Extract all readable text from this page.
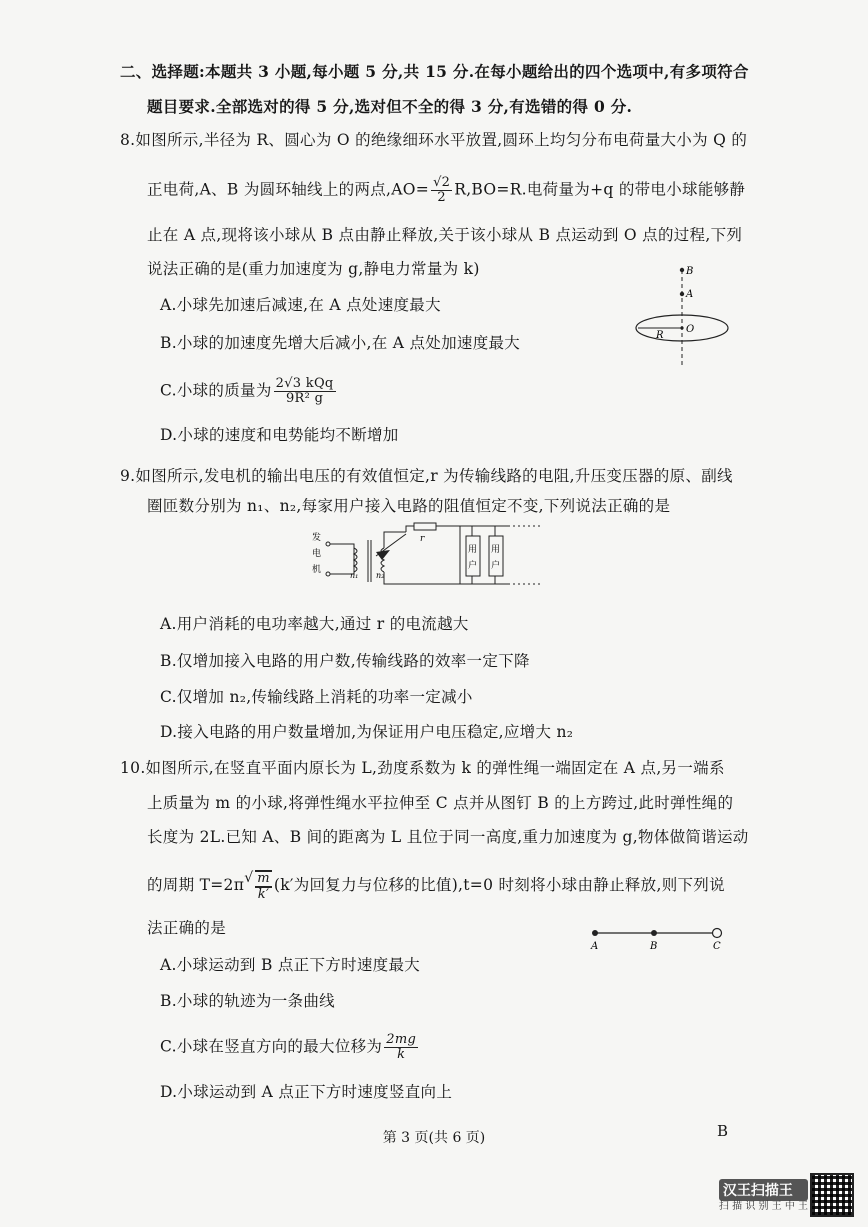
二、选择题:本题共 3 小题,每小题 5 分,共 15 分.在每小题给出的四个选项中,有多项符合
题目要求.全部选对的得 5 分,选对但不全的得 3 分,有选错的得 0 分.
8.如图所示,半径为 R、圆心为 O 的绝缘细环水平放置,圆环上均匀分布电荷量大小为 Q 的
正电荷,A、B 为圆环轴线上的两点$,AO= \frac{√2}{2} R,BO=R$.电荷量为+q 的带电小球能够静
止在 A 点,现将该小球从 B 点由静止释放,关于该小球从 B 点运动到 O 点的过程,下列
说法正确的是(重力加速度为 g,静电力常量为 k)
A.小球先加速后减速,在 A 点处速度最大
B.小球的加速度先增大后减小,在 A 点处加速度最大
C.小球的质量为 $\frac{\text{2√3 kQq}}{\text{9R² g}}$
D.小球的速度和电势能均不断增加
B
A
R
O
9.如图所示,发电机的输出电压的有效值恒定,r 为传输线路的电阻,升压变压器的原、副线
圈匝数分别为 n₁、n₂,每家用户接入电路的阻值恒定不变,下列说法正确的是
发
电
机
n₁ n₂
r
用
户
用
户
A.用户消耗的电功率越大,通过 r 的电流越大
B.仅增加接入电路的用户数,传输线路的效率一定下降
C.仅增加 n₂,传输线路上消耗的功率一定减小
D.接入电路的用户数量增加,为保证用户电压稳定,应增大 n₂
10.如图所示,在竖直平面内原长为 L,劲度系数为 k 的弹性绳一端固定在 A 点,另一端系
上质量为 m 的小球,将弹性绳水平拉伸至 C 点并从图钉 B 的上方跨过,此时弹性绳的
长度为 2L.已知 A、B 间的距离为 L 且位于同一高度,重力加速度为 g,物体做简谐运动
的周期 T=2π
√ $\frac{m}{k'} (k'$为回复力与位移的比值),t=0 时刻将小球由静止释放,则下列说
法正确的是
A	B	C
A.小球运动到 B 点正下方时速度最大
B.小球的轨迹为一条曲线
C.小球在竖直方向的最大位移为 $\frac{2mg}{k}$
D.小球运动到 A 点正下方时速度竖直向上
第 3 页(共 6 页)	B
汉王扫描王
扫 描 识 别 王 中 王
